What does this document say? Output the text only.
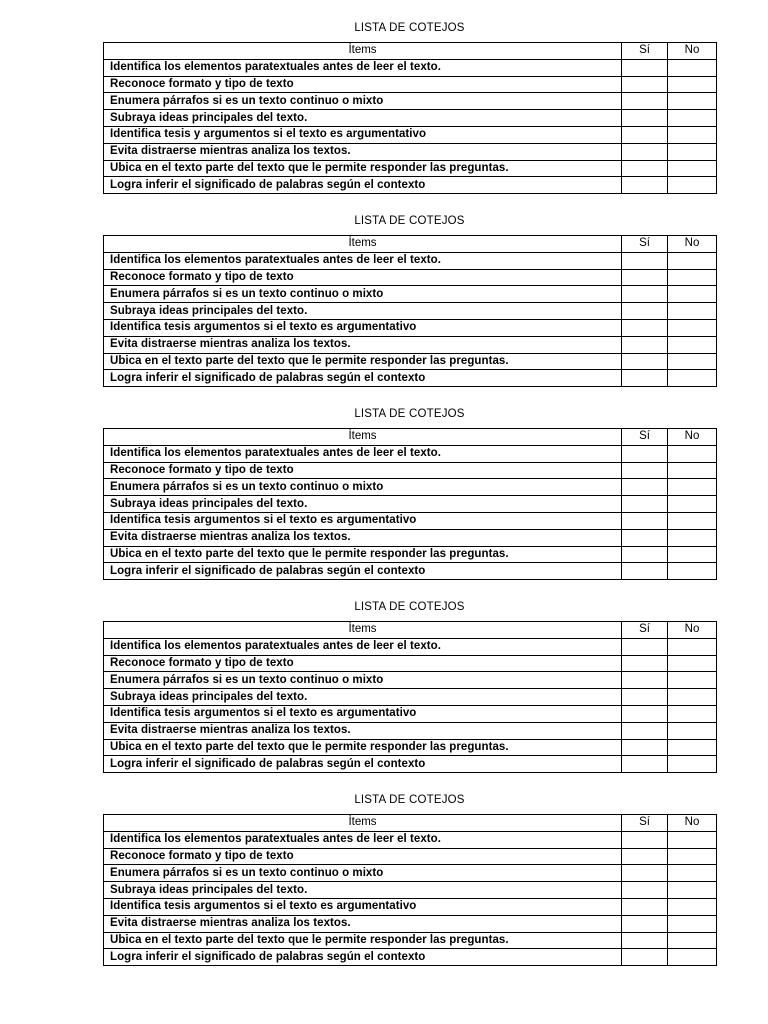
LISTA DE COTEJOS
Ítems	Sí	No
Identifica los elementos paratextuales antes de leer el texto.		
Reconoce formato y tipo de texto		
Enumera párrafos si es un texto continuo o mixto		
Subraya ideas principales del texto.		
Identifica tesis y argumentos si el texto es argumentativo		
Evita distraerse mientras analiza los textos.		
Ubica en el texto parte del texto que le permite responder las preguntas.		
Logra inferir el significado de palabras según el contexto		
LISTA DE COTEJOS
Ítems	Sí	No
Identifica los elementos paratextuales antes de leer el texto.		
Reconoce formato y tipo de texto		
Enumera párrafos si es un texto continuo o mixto		
Subraya ideas principales del texto.		
Identifica tesis argumentos si el texto es argumentativo		
Evita distraerse mientras analiza los textos.		
Ubica en el texto parte del texto que le permite responder las preguntas.		
Logra inferir el significado de palabras según el contexto		
LISTA DE COTEJOS
Ítems	Sí	No
Identifica los elementos paratextuales antes de leer el texto.		
Reconoce formato y tipo de texto		
Enumera párrafos si es un texto continuo o mixto		
Subraya ideas principales del texto.		
Identifica tesis argumentos si el texto es argumentativo		
Evita distraerse mientras analiza los textos.		
Ubica en el texto parte del texto que le permite responder las preguntas.		
Logra inferir el significado de palabras según el contexto		
LISTA DE COTEJOS
Ítems	Sí	No
Identifica los elementos paratextuales antes de leer el texto.		
Reconoce formato y tipo de texto		
Enumera párrafos si es un texto continuo o mixto		
Subraya ideas principales del texto.		
Identifica tesis argumentos si el texto es argumentativo		
Evita distraerse mientras analiza los textos.		
Ubica en el texto parte del texto que le permite responder las preguntas.		
Logra inferir el significado de palabras según el contexto		
LISTA DE COTEJOS
Ítems	Sí	No
Identifica los elementos paratextuales antes de leer el texto.		
Reconoce formato y tipo de texto		
Enumera párrafos si es un texto continuo o mixto		
Subraya ideas principales del texto.		
Identifica tesis argumentos si el texto es argumentativo		
Evita distraerse mientras analiza los textos.		
Ubica en el texto parte del texto que le permite responder las preguntas.		
Logra inferir el significado de palabras según el contexto		
